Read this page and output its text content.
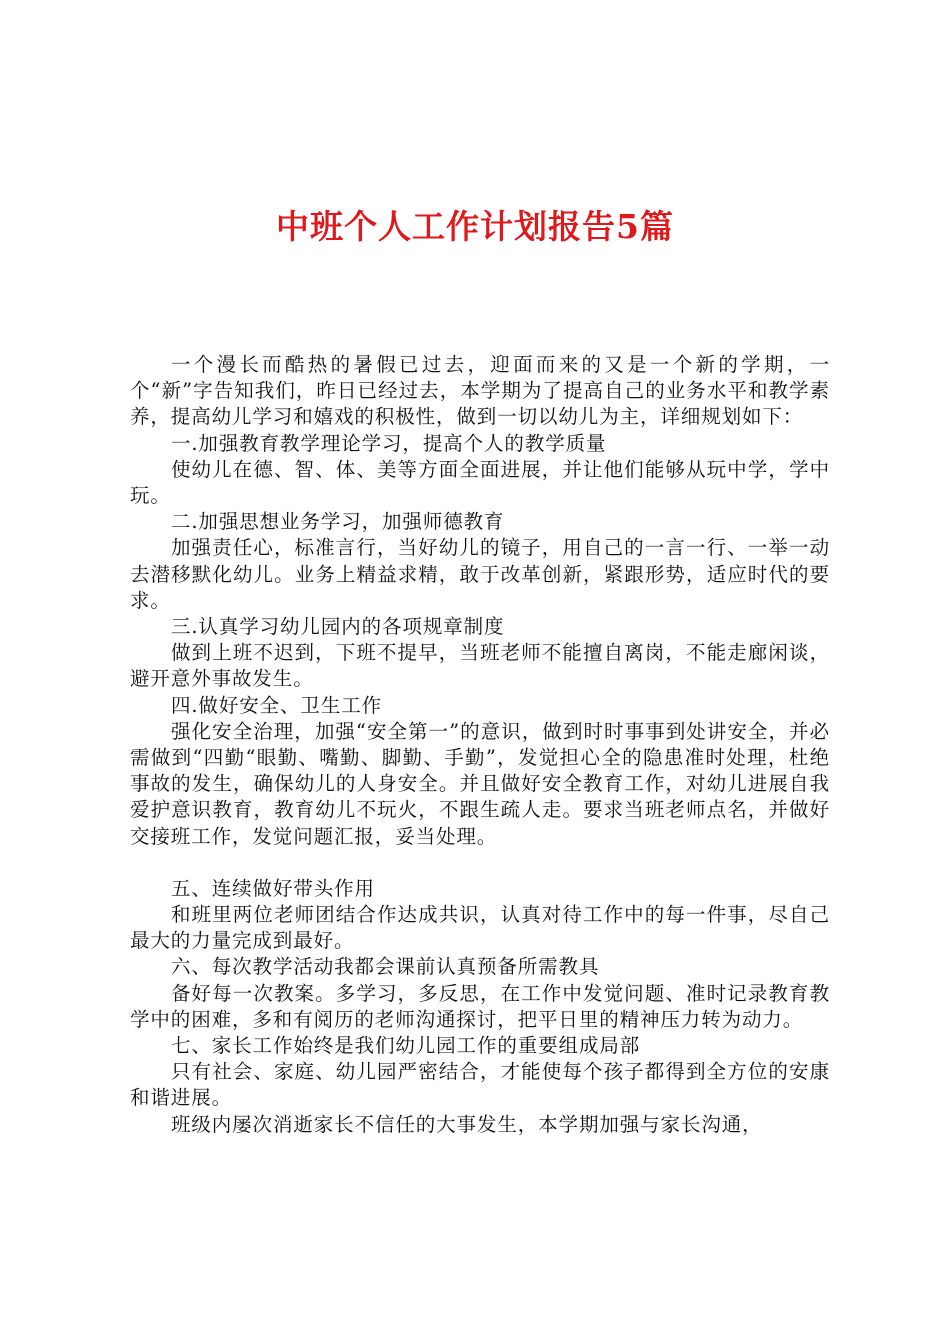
中班个人工作计划报告5篇

一个漫长而酷热的暑假已过去，迎面而来的又是一个新的学期，一个“新”字告知我们，昨日已经过去，本学期为了提高自己的业务水平和教学素养，提高幼儿学习和嬉戏的积极性，做到一切以幼儿为主，详细规划如下：

一.加强教育教学理论学习，提高个人的教学质量

使幼儿在德、智、体、美等方面全面进展，并让他们能够从玩中学，学中玩。

二.加强思想业务学习，加强师德教育

加强责任心，标准言行，当好幼儿的镜子，用自己的一言一行、一举一动去潜移默化幼儿。业务上精益求精，敢于改革创新，紧跟形势，适应时代的要求。

三.认真学习幼儿园内的各项规章制度

做到上班不迟到，下班不提早，当班老师不能擅自离岗，不能走廊闲谈，避开意外事故发生。

四.做好安全、卫生工作

强化安全治理，加强“安全第一”的意识，做到时时事事到处讲安全，并必需做到“四勤“眼勤、嘴勤、脚勤、手勤”，发觉担心全的隐患准时处理，杜绝事故的发生，确保幼儿的人身安全。并且做好安全教育工作，对幼儿进展自我爱护意识教育，教育幼儿不玩火，不跟生疏人走。要求当班老师点名，并做好交接班工作，发觉问题汇报，妥当处理。

五、连续做好带头作用

和班里两位老师团结合作达成共识，认真对待工作中的每一件事，尽自己最大的力量完成到最好。

六、每次教学活动我都会课前认真预备所需教具

备好每一次教案。多学习，多反思，在工作中发觉问题、准时记录教育教学中的困难，多和有阅历的老师沟通探讨，把平日里的精神压力转为动力。

七、家长工作始终是我们幼儿园工作的重要组成局部

只有社会、家庭、幼儿园严密结合，才能使每个孩子都得到全方位的安康和谐进展。

班级内屡次消逝家长不信任的大事发生，本学期加强与家长沟通，
